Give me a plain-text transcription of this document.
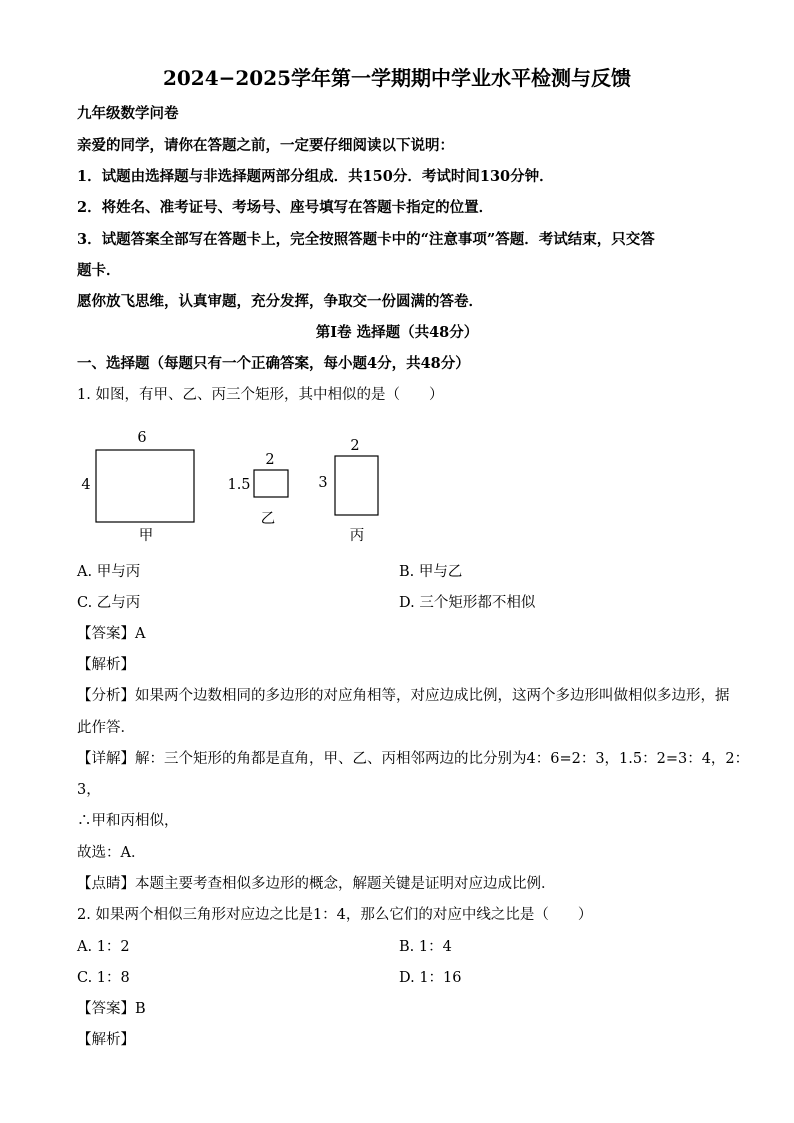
2024−2025学年第一学期期中学业水平检测与反馈
九年级数学问卷
亲爱的同学，请你在答题之前，一定要仔细阅读以下说明：
1．试题由选择题与非选择题两部分组成．共150分．考试时间130分钟．
2．将姓名、准考证号、考场号、座号填写在答题卡指定的位置．
3．试题答案全部写在答题卡上，完全按照答题卡中的“注意事项”答题．考试结束，只交答
题卡．
愿你放飞思维，认真审题，充分发挥，争取交一份圆满的答卷．
第Ⅰ卷 选择题（共48分）
一、选择题（每题只有一个正确答案，每小题4分，共48分）
1. 如图，有甲、乙、丙三个矩形，其中相似的是（　　）
6
4
甲
2
1.5
乙
2
3
丙
A. 甲与丙	B. 甲与乙
C. 乙与丙	D. 三个矩形都不相似
【答案】A
【解析】
【分析】如果两个边数相同的多边形的对应角相等，对应边成比例，这两个多边形叫做相似多边形，据
此作答．
【详解】解：三个矩形的角都是直角，甲、乙、丙相邻两边的比分别为4：6=2：3，1.5：2=3：4，2：
3，
∴甲和丙相似，
故选：A．
【点睛】本题主要考查相似多边形的概念，解题关键是证明对应边成比例．
2. 如果两个相似三角形对应边之比是1：4，那么它们的对应中线之比是（　　）
A. 1：2	B. 1：4
C. 1：8	D. 1：16
【答案】B
【解析】
